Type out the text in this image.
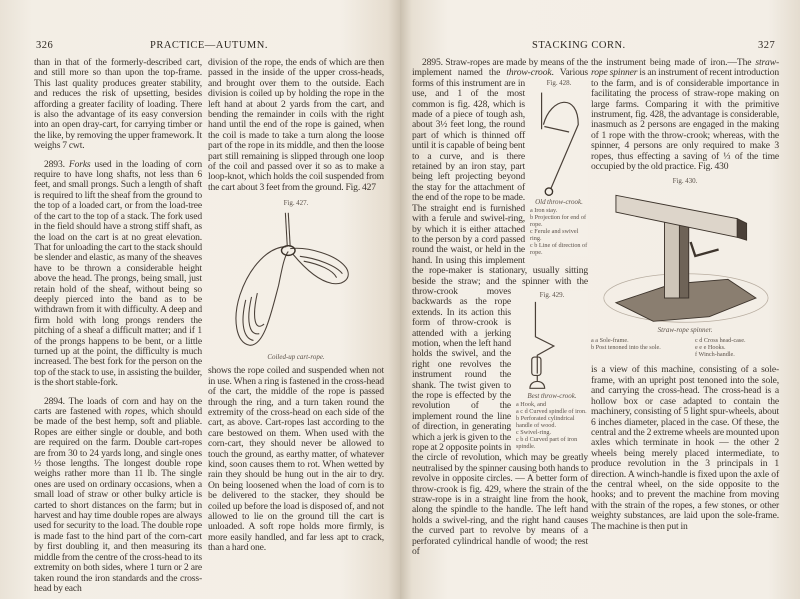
326	PRACTICE—AUTUMN.

than in that of the formerly-described cart, and still more so than upon the top-frame. This last quality produces greater stability, and reduces the risk of upsetting, besides affording a greater facility of loading. There is also the advantage of its easy conversion into an open dray-cart, for carrying timber or the like, by removing the upper framework. It weighs 7 cwt.

2893. Forks used in the loading of corn require to have long shafts, not less than 6 feet, and small prongs. Such a length of shaft is required to lift the sheaf from the ground to the top of a loaded cart, or from the load-tree of the cart to the top of a stack. The fork used in the field should have a strong stiff shaft, as the load on the cart is at no great elevation. That for unloading the cart to the stack should be slender and elastic, as many of the sheaves have to be thrown a considerable height above the head. The prongs, being small, just retain hold of the sheaf, without being so deeply pierced into the band as to be withdrawn from it with difficulty. A deep and firm hold with long prongs renders the pitching of a sheaf a difficult matter; and if 1 of the prongs happens to be bent, or a little turned up at the point, the difficulty is much increased. The best fork for the person on the top of the stack to use, in assisting the builder, is the short stable-fork.

2894. The loads of corn and hay on the carts are fastened with ropes, which should be made of the best hemp, soft and pliable. Ropes are either single or double, and both are required on the farm. Double cart-ropes are from 30 to 24 yards long, and single ones ½ those lengths. The longest double rope weighs rather more than 11 lb. The single ones are used on ordinary occasions, when a small load of straw or other bulky article is carted to short distances on the farm; but in harvest and hay time double ropes are always used for security to the load. The double rope is made fast to the hind part of the corn-cart by first doubling it, and then measuring its middle from the centre of the cross-head to its extremity on both sides, where 1 turn or 2 are taken round the iron standards and the cross-head by each

division of the rope, the ends of which are then passed in the inside of the upper cross-heads, and brought over them to the outside. Each division is coiled up by holding the rope in the left hand at about 2 yards from the cart, and bending the remainder in coils with the right hand until the end of the rope is gained, when the coil is made to take a turn along the loose part of the rope in its middle, and then the loose part still remaining is slipped through one loop of the coil and passed over it so as to make a loop-knot, which holds the coil suspended from the cart about 3 feet from the ground. Fig. 427

Fig. 427.
Coiled-up cart-rope.

shows the rope coiled and suspended when not in use. When a ring is fastened in the cross-head of the cart, the middle of the rope is passed through the ring, and a turn taken round the extremity of the cross-head on each side of the cart, as above. Cart-ropes last according to the care bestowed on them. When used with the corn-cart, they should never be allowed to touch the ground, as earthy matter, of whatever kind, soon causes them to rot. When wetted by rain they should be hung out in the air to dry. On being loosened when the load of corn is to be delivered to the stacker, they should be coiled up before the load is disposed of, and not allowed to lie on the ground till the cart is unloaded. A soft rope holds more firmly, is more easily handled, and far less apt to crack, than a hard one.

STACKING CORN.	327
Fig. 428.
Old throw-crook.
a Iron stay.
b Projection for end of rope.
c Ferule and swivel ring.
c b Line of direction of rope.
Fig. 429.
Best throw-crook.
a Hook, and
a c d Curved spindle of iron.
b Perforated cylindrical handle of wood.
c Swivel-ring.
c b d Curved part of iron spindle.

2895. Straw-ropes are made by means of the implement named the throw-crook. Various forms of this instrument are in use, and 1 of the most common is fig. 428, which is made of a piece of tough ash, about 3½ feet long, the round part of which is thinned off until it is capable of being bent to a curve, and is there retained by an iron stay, part being left projecting beyond the stay for the attachment of the end of the rope to be made. The straight end is furnished with a ferule and swivel-ring, by which it is either attached to the person by a cord passed round the waist, or held in the hand. In using this implement the rope-maker is stationary, usually sitting beside the straw; and the spinner with the throw-crook moves backwards as the rope extends. In its action this form of throw-crook is attended with a jerking motion, when the left hand holds the swivel, and the right one revolves the instrument round the shank. The twist given to the rope is effected by the revolution of the implement round the line of direction, in generating which a jerk is given to the rope at 2 opposite points in the circle of revolution, which may be greatly neutralised by the spinner causing both hands to revolve in opposite circles. — A better form of throw-crook is fig. 429, where the strain of the straw-rope is in a straight line from the hook, along the spindle to the handle. The left hand holds a swivel-ring, and the right hand causes the curved part to revolve by means of a perforated cylindrical handle of wood; the rest of

the instrument being made of iron.—The straw-rope spinner is an instrument of recent introduction to the farm, and is of considerable importance in facilitating the process of straw-rope making on large farms. Comparing it with the primitive instrument, fig. 428, the advantage is considerable, inasmuch as 2 persons are engaged in the making of 1 rope with the throw-crook; whereas, with the spinner, 4 persons are only required to make 3 ropes, thus effecting a saving of ⅓ of the time occupied by the old practice. Fig. 430

Fig. 430.
Straw-rope spinner.
a a Sole-frame.
b Post tenoned into the sole.
c d Cross head-case.
e e e Hooks.
f Winch-handle.

is a view of this machine, consisting of a sole-frame, with an upright post tenoned into the sole, and carrying the cross-head. The cross-head is a hollow box or case adapted to contain the machinery, consisting of 5 light spur-wheels, about 6 inches diameter, placed in the case. Of these, the central and the 2 extreme wheels are mounted upon axles which terminate in hook — the other 2 wheels being merely placed intermediate, to produce revolution in the 3 principals in 1 direction. A winch-handle is fixed upon the axle of the central wheel, on the side opposite to the hooks; and to prevent the machine from moving with the strain of the ropes, a few stones, or other weighty substances, are laid upon the sole-frame. The machine is then put in
